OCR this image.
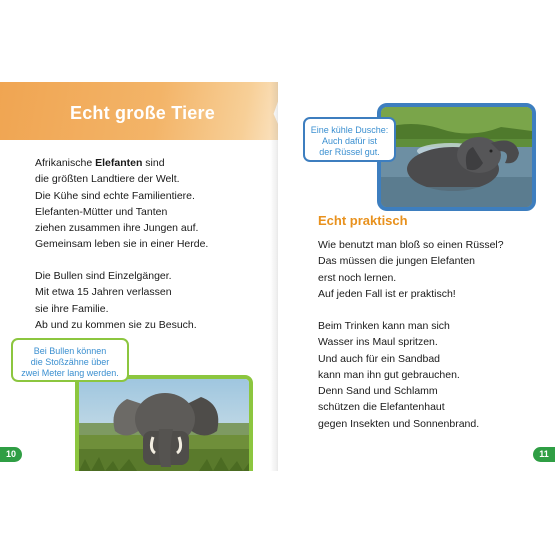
Echt große Tiere
Afrikanische Elefanten sind
die größten Landtiere der Welt.
Die Kühe sind echte Familientiere.
Elefanten-Mütter und Tanten
ziehen zusammen ihre Jungen auf.
Gemeinsam leben sie in einer Herde.
Die Bullen sind Einzelgänger.
Mit etwa 15 Jahren verlassen
sie ihre Familie.
Ab und zu kommen sie zu Besuch.
Bei Bullen können
die Stoßzähne über
zwei Meter lang werden.
10
Eine kühle Dusche:
Auch dafür ist
der Rüssel gut.
Echt praktisch
Wie benutzt man bloß so einen Rüssel?
Das müssen die jungen Elefanten
erst noch lernen.
Auf jeden Fall ist er praktisch!
Beim Trinken kann man sich
Wasser ins Maul spritzen.
Und auch für ein Sandbad
kann man ihn gut gebrauchen.
Denn Sand und Schlamm
schützen die Elefantenhaut
gegen Insekten und Sonnenbrand.
11
